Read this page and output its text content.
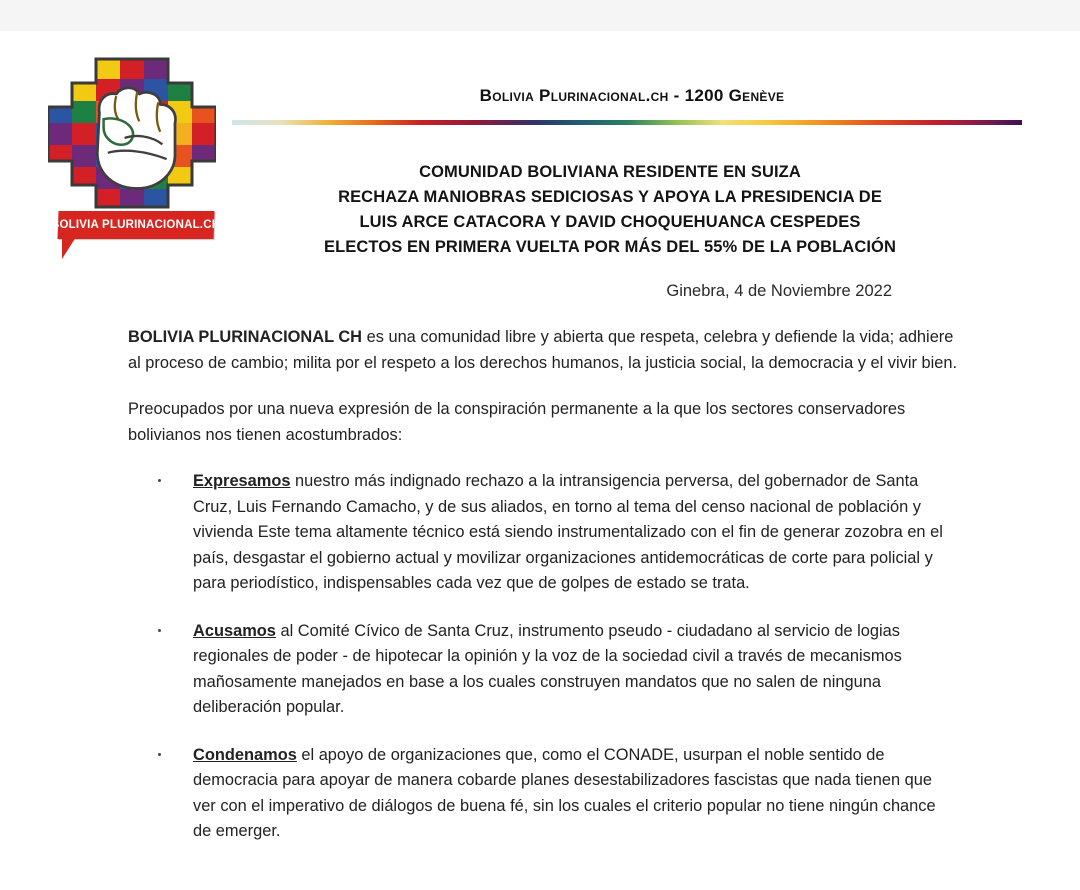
BOLIVIA PLURINACIONAL.CH
Bolivia Plurinacional.ch - 1200 Genève
COMUNIDAD BOLIVIANA RESIDENTE EN SUIZA
RECHAZA MANIOBRAS SEDICIOSAS Y APOYA LA PRESIDENCIA DE
LUIS ARCE CATACORA Y DAVID CHOQUEHUANCA CESPEDES
ELECTOS EN PRIMERA VUELTA POR MÁS DEL 55% DE LA POBLACIÓN
Ginebra, 4 de Noviembre 2022

BOLIVIA PLURINACIONAL CH es una comunidad libre y abierta que respeta, celebra y defiende la vida; adhiere al proceso de cambio; milita por el respeto a los derechos humanos, la justicia social, la democracia y el vivir bien.

Preocupados por una nueva expresión de la conspiración permanente a la que los sectores conservadores bolivianos nos tienen acostumbrados:

Expresamos nuestro más indignado rechazo a la intransigencia perversa, del gobernador de Santa Cruz, Luis Fernando Camacho, y de sus aliados, en torno al tema del censo nacional de población y vivienda Este tema altamente técnico está siendo instrumentalizado con el fin de generar zozobra en el país, desgastar el gobierno actual y movilizar organizaciones antidemocráticas de corte para policial y para periodístico, indispensables cada vez que de golpes de estado se trata.
Acusamos al Comité Cívico de Santa Cruz, instrumento pseudo - ciudadano al servicio de logias regionales de poder - de hipotecar la opinión y la voz de la sociedad civil a través de mecanismos mañosamente manejados en base a los cuales construyen mandatos que no salen de ninguna deliberación popular.
Condenamos el apoyo de organizaciones que, como el CONADE, usurpan el noble sentido de democracia para apoyar de manera cobarde planes desestabilizadores fascistas que nada tienen que ver con el imperativo de diálogos de buena fé, sin los cuales el criterio popular no tiene ningún chance de emerger.
